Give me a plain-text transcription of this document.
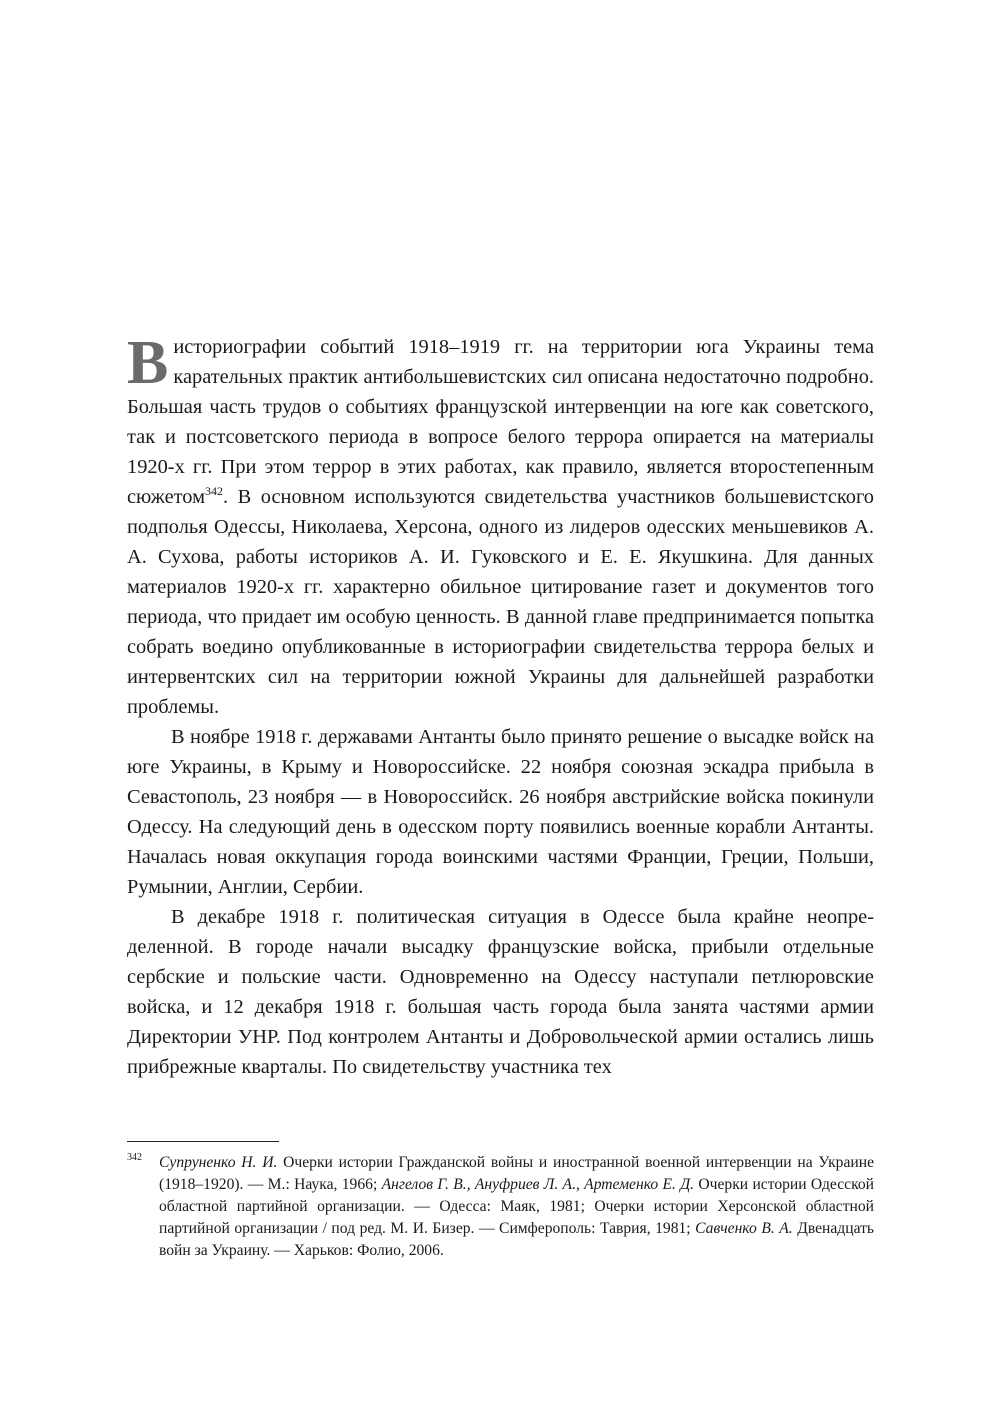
В историографии событий 1918–1919 гг. на территории юга Украины тема карательных практик антибольшевистских сил описана недостаточно подробно. Большая часть трудов о событиях французской интервенции на юге как советского, так и постсоветского периода в вопросе белого террора опирается на материалы 1920-х гг. При этом террор в этих работах, как правило, является второстепенным сюжетом$^{342}$. В основном используются свидетельства участников большевистского подполья Одессы, Николаева, Херсона, одного из лидеров одесских меньшевиков А. А. Сухова, работы историков А. И. Гуковского и Е. Е. Якушкина. Для данных материалов 1920-х гг. характерно обильное цитирование газет и документов того периода, что придает им особую ценность. В данной главе предпринимается попытка собрать воедино опубликованные в историографии свидетельства террора белых и интервентских сил на территории южной Украины для дальнейшей разработки проблемы.

В ноябре 1918 г. державами Антанты было принято решение о высадке войск на юге Украины, в Крыму и Новороссийске. 22 ноября союзная эскадра прибыла в Севастополь, 23 ноября — в Новороссийск. 26 ноября австрийские войска покинули Одессу. На следующий день в одесском порту появились военные корабли Антанты. Началась новая оккупация города воинскими частями Франции, Греции, Польши, Румынии, Англии, Сербии.

В декабре 1918 г. политическая ситуация в Одессе была крайне неопределенной. В городе начали высадку французские войска, прибыли отдельные сербские и польские части. Одновременно на Одессу наступали петлюровские войска, и 12 декабря 1918 г. большая часть города была занята частями армии Директории УНР. Под контролем Антанты и Добровольческой армии остались лишь прибрежные кварталы. По свидетельству участника тех

342 Супруненко Н. И. Очерки истории Гражданской войны и иностранной военной интервенции на Украине (1918–1920). — М.: Наука, 1966; Ангелов Г. В., Ануфриев Л. А., Артеменко Е. Д. Очерки истории Одесской областной партийной организации. — Одесса: Маяк, 1981; Очерки истории Херсонской областной партийной организации / под ред. М. И. Бизер. — Симферополь: Таврия, 1981; Савченко В. А. Двенадцать войн за Украину. — Харьков: Фолио, 2006.
